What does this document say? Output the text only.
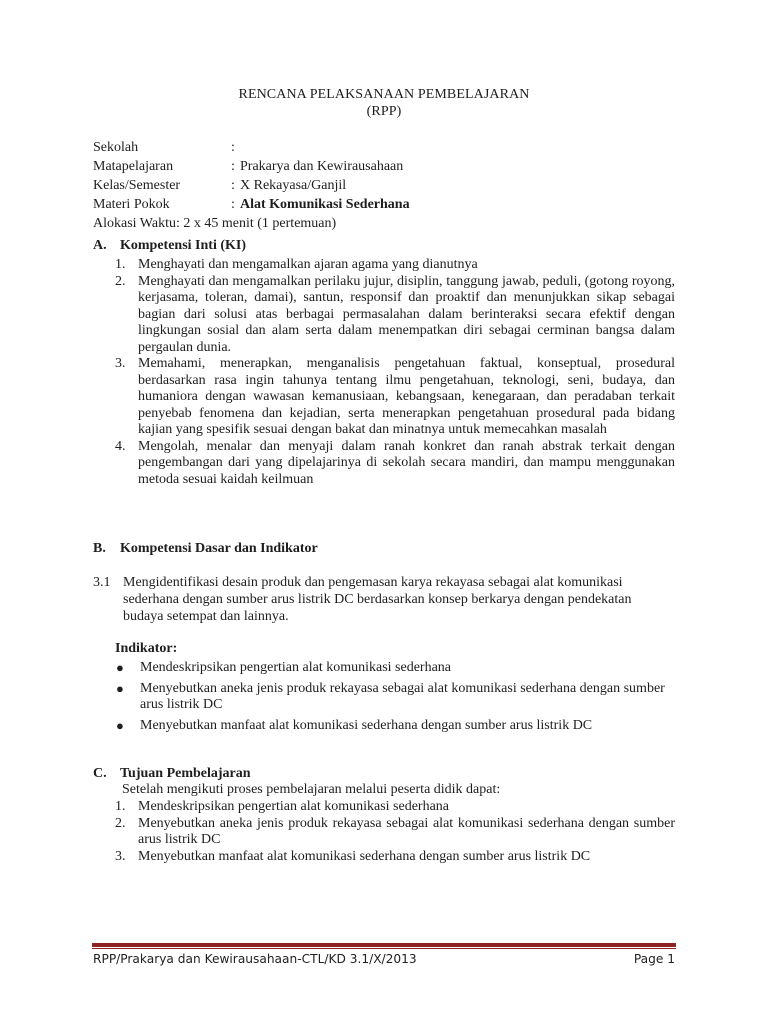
RENCANA PELAKSANAAN PEMBELAJARAN
(RPP)
Sekolah	:
Matapelajaran	: Prakarya dan Kewirausahaan
Kelas/Semester	: X Rekayasa/Ganjil
Materi Pokok	: Alat Komunikasi Sederhana
Alokasi Waktu: 2 x 45 menit (1 pertemuan)
A. Kompetensi Inti (KI)
1. Menghayati dan mengamalkan ajaran agama yang dianutnya
2. Menghayati dan mengamalkan perilaku jujur, disiplin, tanggung jawab, peduli, (gotong royong, kerjasama, toleran, damai), santun, responsif dan proaktif dan menunjukkan sikap sebagai bagian dari solusi atas berbagai permasalahan dalam berinteraksi secara efektif dengan lingkungan sosial dan alam serta dalam menempatkan diri sebagai cerminan bangsa dalam pergaulan dunia.
3. Memahami, menerapkan, menganalisis pengetahuan faktual, konseptual, prosedural berdasarkan rasa ingin tahunya tentang ilmu pengetahuan, teknologi, seni, budaya, dan humaniora dengan wawasan kemanusiaan, kebangsaan, kenegaraan, dan peradaban terkait penyebab fenomena dan kejadian, serta menerapkan pengetahuan prosedural pada bidang kajian yang spesifik sesuai dengan bakat dan minatnya untuk memecahkan masalah
4. Mengolah, menalar dan menyaji dalam ranah konkret dan ranah abstrak terkait dengan pengembangan dari yang dipelajarinya di sekolah secara mandiri, dan mampu menggunakan metoda sesuai kaidah keilmuan
B. Kompetensi Dasar dan Indikator
3.1 Mengidentifikasi desain produk dan pengemasan karya rekayasa sebagai alat komunikasi sederhana dengan sumber arus listrik DC berdasarkan konsep berkarya dengan pendekatan budaya setempat dan lainnya.
Indikator:
● Mendeskripsikan pengertian alat komunikasi sederhana
● Menyebutkan aneka jenis produk rekayasa sebagai alat komunikasi sederhana dengan sumber arus listrik DC
● Menyebutkan manfaat alat komunikasi sederhana dengan sumber arus listrik DC
C. Tujuan Pembelajaran
Setelah mengikuti proses pembelajaran melalui peserta didik dapat:
1. Mendeskripsikan pengertian alat komunikasi sederhana
2. Menyebutkan aneka jenis produk rekayasa sebagai alat komunikasi sederhana dengan sumber arus listrik DC
3. Menyebutkan manfaat alat komunikasi sederhana dengan sumber arus listrik DC
RPP/Prakarya dan Kewirausahaan-CTL/KD 3.1/X/2013	Page 1
